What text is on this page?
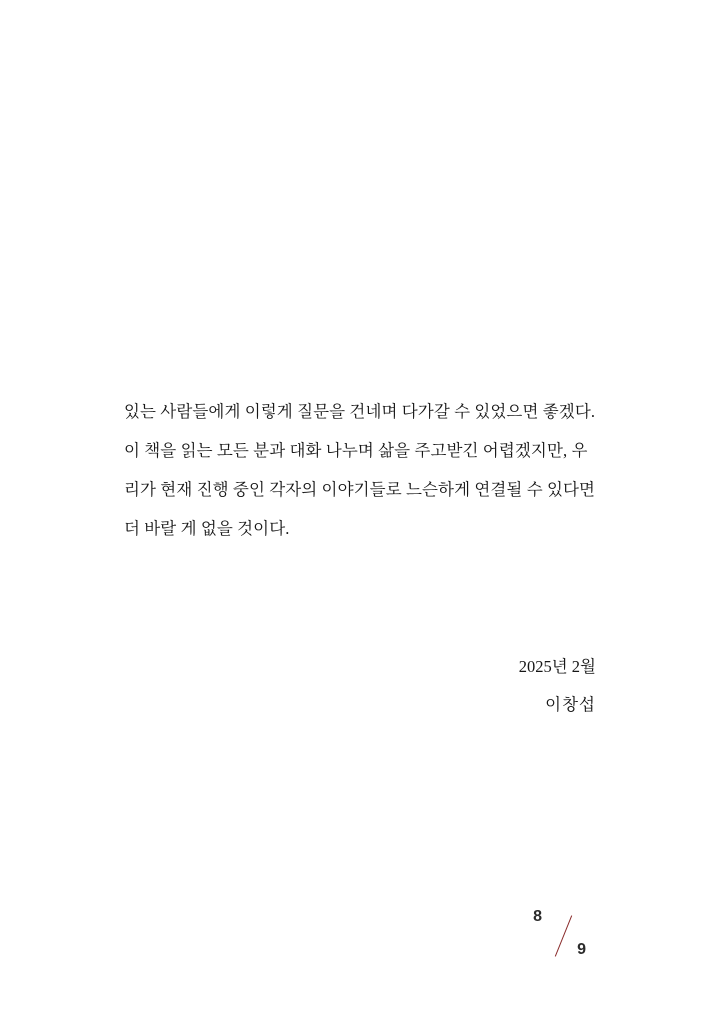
있는 사람들에게 이렇게 질문을 건네며 다가갈 수 있었으면 좋겠다. 이 책을 읽는 모든 분과 대화 나누며 삶을 주고받긴 어렵겠지만, 우리가 현재 진행 중인 각자의 이야기들로 느슨하게 연결될 수 있다면 더 바랄 게 없을 것이다.

2025년 2월
이창섭
8
9
